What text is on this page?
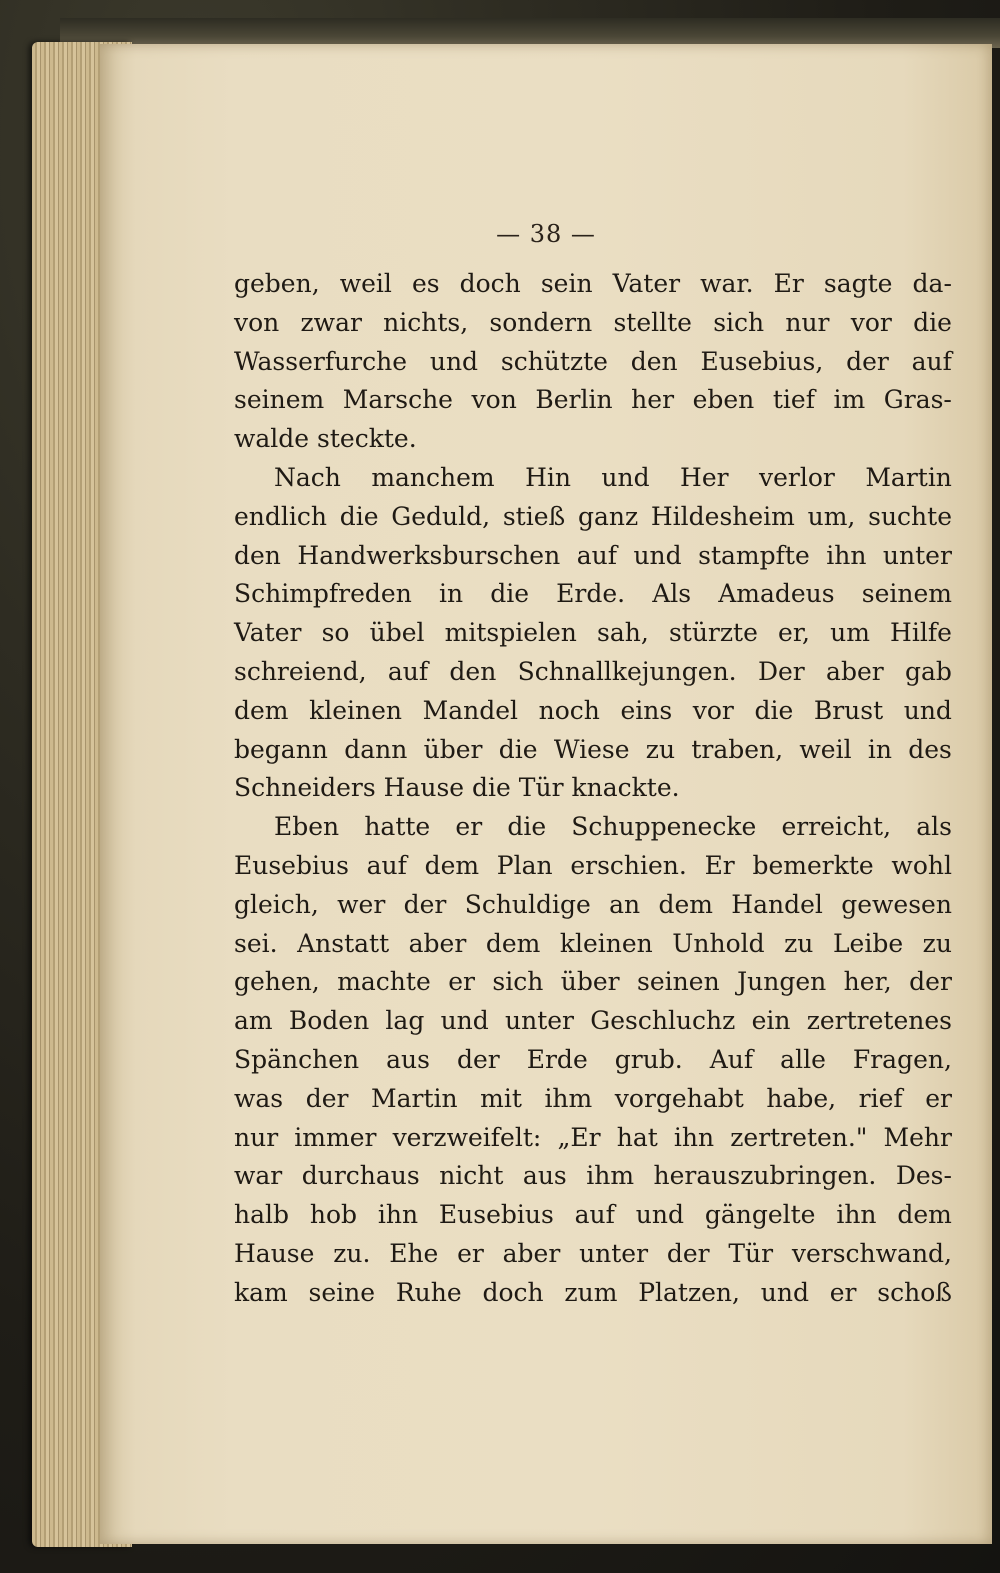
— 38 —
geben, weil es doch sein Vater war. Er sagte da-
von zwar nichts, sondern stellte sich nur vor die
Wasserfurche und schützte den Eusebius, der auf
seinem Marsche von Berlin her eben tief im Gras-
walde steckte.
Nach manchem Hin und Her verlor Martin
endlich die Geduld, stieß ganz Hildesheim um, suchte
den Handwerksburschen auf und stampfte ihn unter
Schimpfreden in die Erde. Als Amadeus seinem
Vater so übel mitspielen sah, stürzte er, um Hilfe
schreiend, auf den Schnallkejungen. Der aber gab
dem kleinen Mandel noch eins vor die Brust und
begann dann über die Wiese zu traben, weil in des
Schneiders Hause die Tür knackte.
Eben hatte er die Schuppenecke erreicht, als
Eusebius auf dem Plan erschien. Er bemerkte wohl
gleich, wer der Schuldige an dem Handel gewesen
sei. Anstatt aber dem kleinen Unhold zu Leibe zu
gehen, machte er sich über seinen Jungen her, der
am Boden lag und unter Geschluchz ein zertretenes
Spänchen aus der Erde grub. Auf alle Fragen,
was der Martin mit ihm vorgehabt habe, rief er
nur immer verzweifelt: „Er hat ihn zertreten." Mehr
war durchaus nicht aus ihm herauszubringen. Des-
halb hob ihn Eusebius auf und gängelte ihn dem
Hause zu. Ehe er aber unter der Tür verschwand,
kam seine Ruhe doch zum Platzen, und er schoß
